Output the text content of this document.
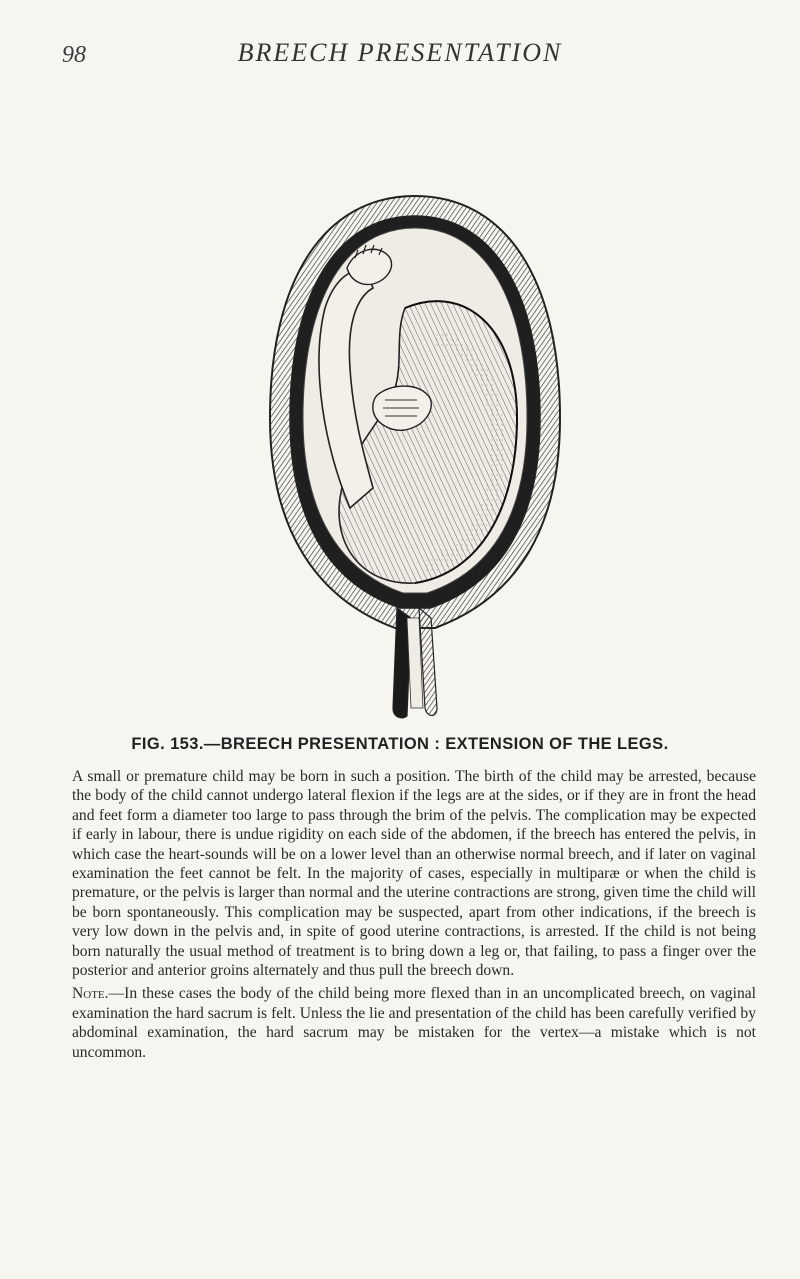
98	BREECH PRESENTATION
FIG. 153.—BREECH PRESENTATION : EXTENSION OF THE LEGS.

A small or premature child may be born in such a position. The birth of the child may be arrested, because the body of the child cannot undergo lateral flexion if the legs are at the sides, or if they are in front the head and feet form a diameter too large to pass through the brim of the pelvis. The complication may be expected if early in labour, there is undue rigidity on each side of the abdomen, if the breech has entered the pelvis, in which case the heart-sounds will be on a lower level than an otherwise normal breech, and if later on vaginal examination the feet cannot be felt. In the majority of cases, especially in multiparæ or when the child is premature, or the pelvis is larger than normal and the uterine contractions are strong, given time the child will be born spontaneously. This complication may be suspected, apart from other indications, if the breech is very low down in the pelvis and, in spite of good uterine contractions, is arrested. If the child is not being born naturally the usual method of treatment is to bring down a leg or, that failing, to pass a finger over the posterior and anterior groins alternately and thus pull the breech down.

Note.—In these cases the body of the child being more flexed than in an uncomplicated breech, on vaginal examination the hard sacrum is felt. Unless the lie and presentation of the child has been carefully verified by abdominal examination, the hard sacrum may be mistaken for the vertex—a mistake which is not uncommon.
